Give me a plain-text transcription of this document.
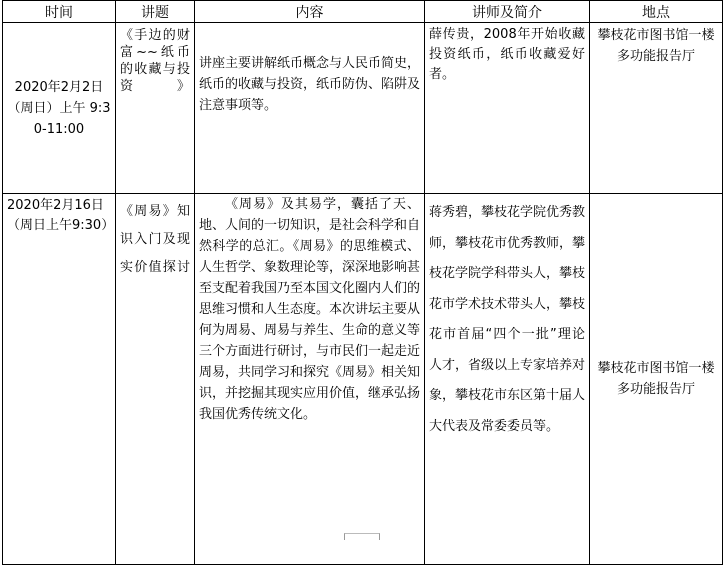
时间	讲题	内容	讲师及简介	地点
2020年2月2日 （周日）上午 9:30-11:00	《手边的财富~~纸币的收藏与投资》	讲座主要讲解纸币概念与人民币简史，纸币的收藏与投资，纸币防伪、陷阱及注意事项等。	薛传贵，2008年开始收藏投资纸币，纸币收藏爱好者。	攀枝花市图书馆一楼多功能报告厅
2020年2月16日（周日上午9:30）	《周易》知识入门及现实价值探讨	《周易》及其易学，囊括了天、地、人间的一切知识，是社会科学和自然科学的总汇。《周易》的思维模式、人生哲学、象数理论等，深深地影响甚至支配着我国乃至本国文化圈内人们的思维习惯和人生态度。本次讲坛主要从何为周易、周易与养生、生命的意义等三个方面进行研讨，与市民们一起走近周易，共同学习和探究《周易》相关知识，并挖掘其现实应用价值，继承弘扬我国优秀传统文化。	蒋秀碧，攀枝花学院优秀教师，攀枝花市优秀教师，攀枝花学院学科带头人，攀枝花市学术技术带头人，攀枝花市首届“四个一批”理论人才，省级以上专家培养对象，攀枝花市东区第十届人大代表及常委委员等。	攀枝花市图书馆一楼多功能报告厅
